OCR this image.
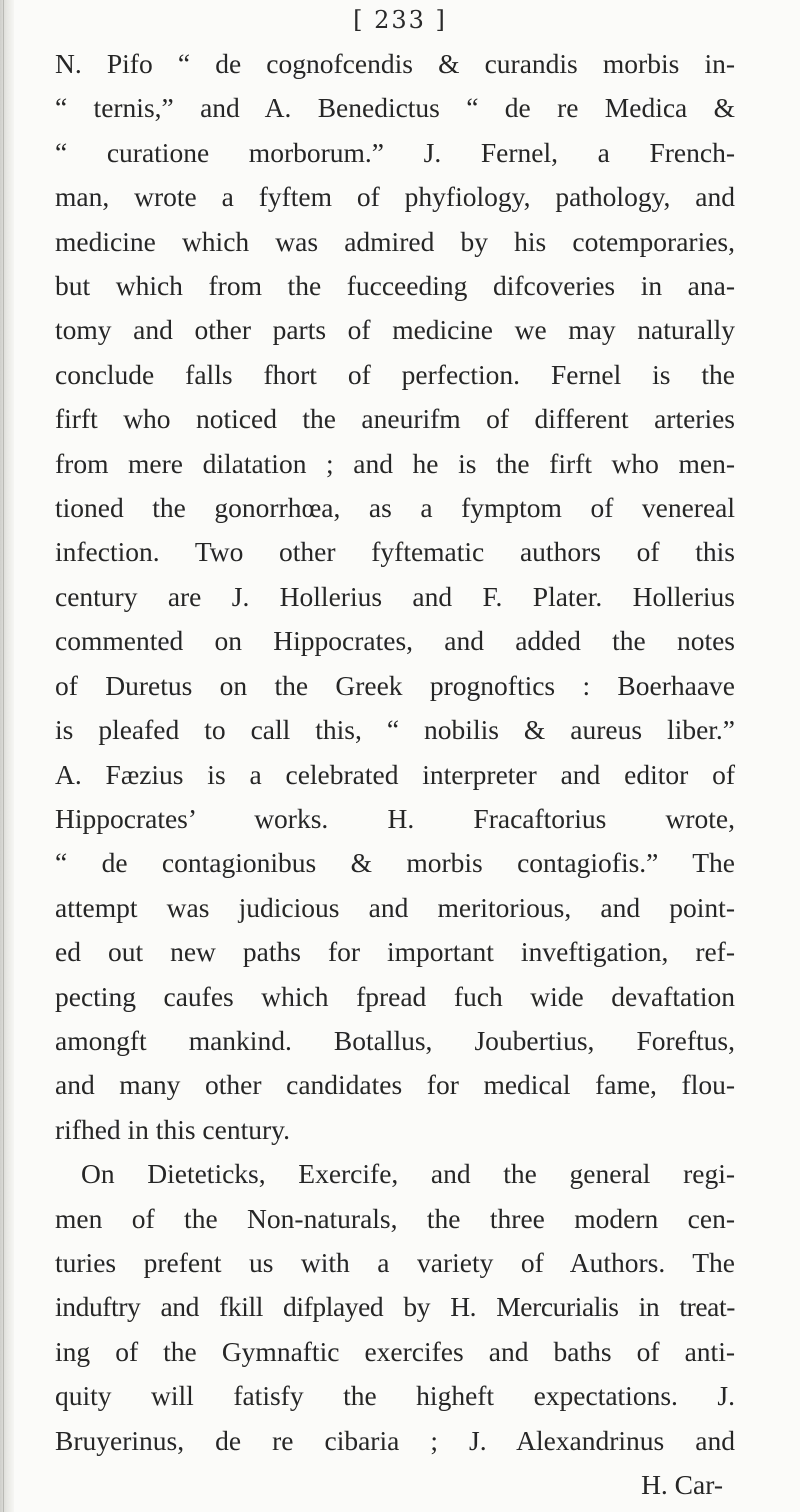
[ 233 ]

N. Pifo “ de cognofcendis & curandis morbis in-
“ ternis,” and A. Benedictus “ de re Medica &
“ curatione morborum.” J. Fernel, a French-
man, wrote a fyftem of phyfiology, pathology, and
medicine which was admired by his cotemporaries,
but which from the fucceeding difcoveries in ana-
tomy and other parts of medicine we may naturally
conclude falls fhort of perfection. Fernel is the
firft who noticed the aneurifm of different arteries
from mere dilatation ; and he is the firft who men-
tioned the gonorrhœa, as a fymptom of venereal
infection. Two other fyftematic authors of this
century are J. Hollerius and F. Plater. Hollerius
commented on Hippocrates, and added the notes
of Duretus on the Greek prognoftics : Boerhaave
is pleafed to call this, “ nobilis & aureus liber.”
A. Fæzius is a celebrated interpreter and editor of
Hippocrates’ works. H. Fracaftorius wrote,
“ de contagionibus & morbis contagiofis.” The
attempt was judicious and meritorious, and point-
ed out new paths for important inveftigation, ref-
pecting caufes which fpread fuch wide devaftation
amongft mankind. Botallus, Joubertius, Foreftus,
and many other candidates for medical fame, flou-
rifhed in this century.
On Dieteticks, Exercife, and the general regi-
men of the Non-naturals, the three modern cen-
turies prefent us with a variety of Authors. The
induftry and fkill difplayed by H. Mercurialis in treat-
ing of the Gymnaftic exercifes and baths of anti-
quity will fatisfy the higheft expectations. J.
Bruyerinus, de re cibaria ; J. Alexandrinus and
H. Car-
